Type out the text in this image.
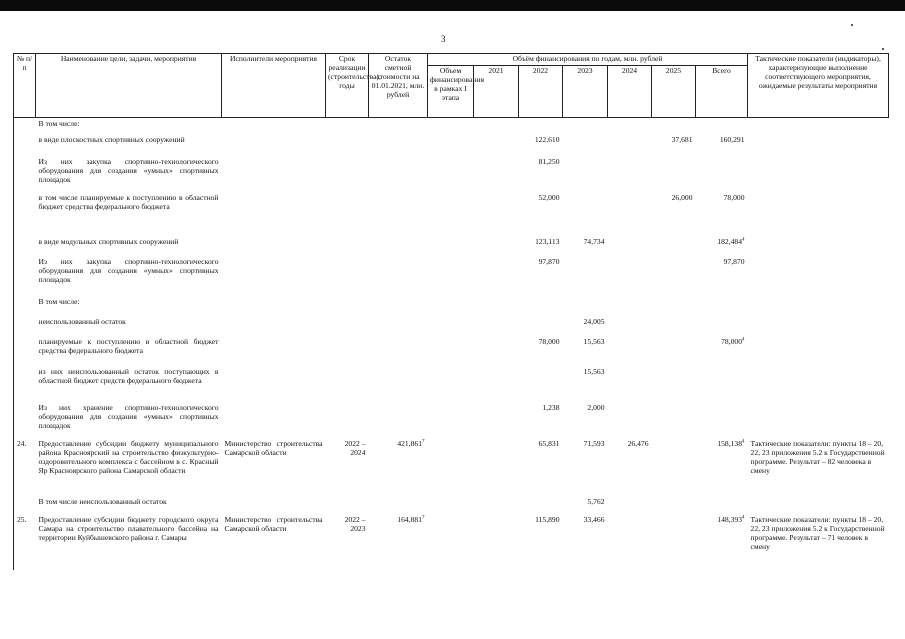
3
№ п/п	Наименование цели, задачи, мероприятия	Исполнители мероприятия	Срок реализации (строительства), годы	Остаток сметной стоимости на 01.01.2021, млн. рублей	Объём финансирования по годам, млн. рублей							Тактические показатели (индикаторы), характеризующие выполнение соответствующего мероприятия, ожидаемые результаты мероприятия
					Объем финансирования в рамках I этапа	2021	2022	2023	2024	2025	Всего	
	В том числе:											
	в виде плоскостных спортивных сооружений						122,610			37,681	160,291	
	Из них закупка спортивно-технологического оборудования для создания «умных» спортивных площадок						81,250					
	в том числе планируемые к поступлению в областной бюджет средства федерального бюджета						52,000			26,000	78,000	
	в виде модульных спортивных сооружений						123,113	74,734			182,484$^4$	
	Из них закупка спортивно-технологического оборудования для создания «умных» спортивных площадок						97,870				97,870	
	В том числе:											
	неиспользованный остаток							24,005				
	планируемые к поступлению в областной бюджет средства федерального бюджета						78,000	15,563			78,000$^4$	
	из них неиспользованный остаток поступающих в областной бюджет средств федерального бюджета							15,563				
	Из них хранение спортивно-технологического оборудования для создания «умных» спортивных площадок						1,238	2,000				
24.	Предоставление субсидии бюджету муниципального района Красноярский на строительство физкультурно-оздоровительного комплекса с бассейном в с. Красный Яр Красноярского района Самарской области	Министерство строительства Самарской области	2022 – 2024	421,861$^7$			65,831	71,593	26,476		158,138$^4$	Тактические показатели: пункты 18 – 20, 22, 23 приложения 5.2 к Государственной программе. Результат – 82 человека в смену
	В том числе неиспользованный остаток							5,762				
25.	Предоставление субсидии бюджету городского округа Самара на строительство плавательного бассейна на территории Куйбышевского района г. Самары	Министерство строительства Самарской области	2022 – 2023	164,881$^7$			115,890	33,466			148,393$^4$	Тактические показатели: пункты 18 – 20, 22, 23 приложения 5.2 к Государственной программе. Результат – 71 человек в смену
